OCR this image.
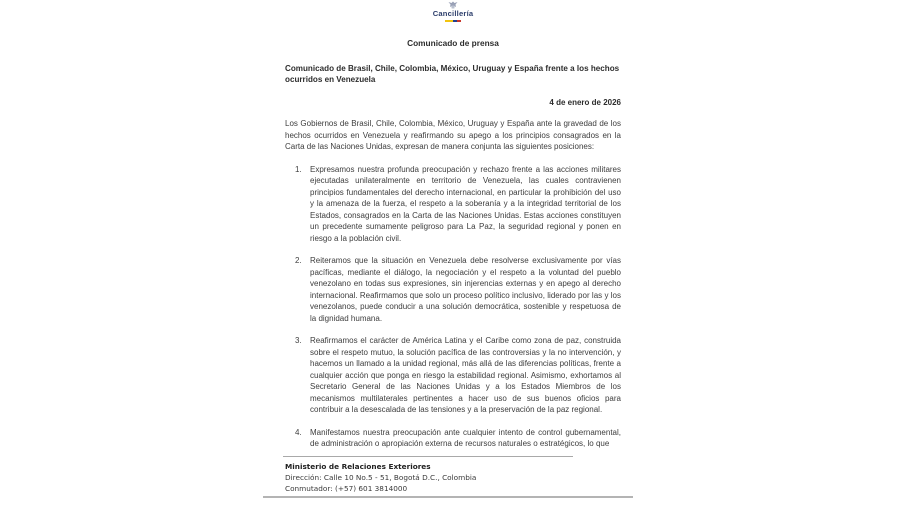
Cancillería
Comunicado de prensa
Comunicado de Brasil, Chile, Colombia, México, Uruguay y España frente a los hechos ocurridos en Venezuela
4 de enero de 2026
Los Gobiernos de Brasil, Chile, Colombia, México, Uruguay y España ante la gravedad de los hechos ocurridos en Venezuela y reafirmando su apego a los principios consagrados en la Carta de las Naciones Unidas, expresan de manera conjunta las siguientes posiciones:
1.	Expresamos nuestra profunda preocupación y rechazo frente a las acciones militares ejecutadas unilateralmente en territorio de Venezuela, las cuales contravienen principios fundamentales del derecho internacional, en particular la prohibición del uso y la amenaza de la fuerza, el respeto a la soberanía y a la integridad territorial de los Estados, consagrados en la Carta de las Naciones Unidas. Estas acciones constituyen un precedente sumamente peligroso para La Paz, la seguridad regional y ponen en riesgo a la población civil.
2.	Reiteramos que la situación en Venezuela debe resolverse exclusivamente por vías pacíficas, mediante el diálogo, la negociación y el respeto a la voluntad del pueblo venezolano en todas sus expresiones, sin injerencias externas y en apego al derecho internacional. Reafirmamos que solo un proceso político inclusivo, liderado por las y los venezolanos, puede conducir a una solución democrática, sostenible y respetuosa de la dignidad humana.
3.	Reafirmamos el carácter de América Latina y el Caribe como zona de paz, construida sobre el respeto mutuo, la solución pacífica de las controversias y la no intervención, y hacemos un llamado a la unidad regional, más allá de las diferencias políticas, frente a cualquier acción que ponga en riesgo la estabilidad regional. Asimismo, exhortamos al Secretario General de las Naciones Unidas y a los Estados Miembros de los mecanismos multilaterales pertinentes a hacer uso de sus buenos oficios para contribuir a la desescalada de las tensiones y a la preservación de la paz regional.
4.	Manifestamos nuestra preocupación ante cualquier intento de control gubernamental, de administración o apropiación externa de recursos naturales o estratégicos, lo que
Ministerio de Relaciones Exteriores
Dirección: Calle 10 No.5 - 51, Bogotá D.C., Colombia
Conmutador: (+57) 601 3814000
